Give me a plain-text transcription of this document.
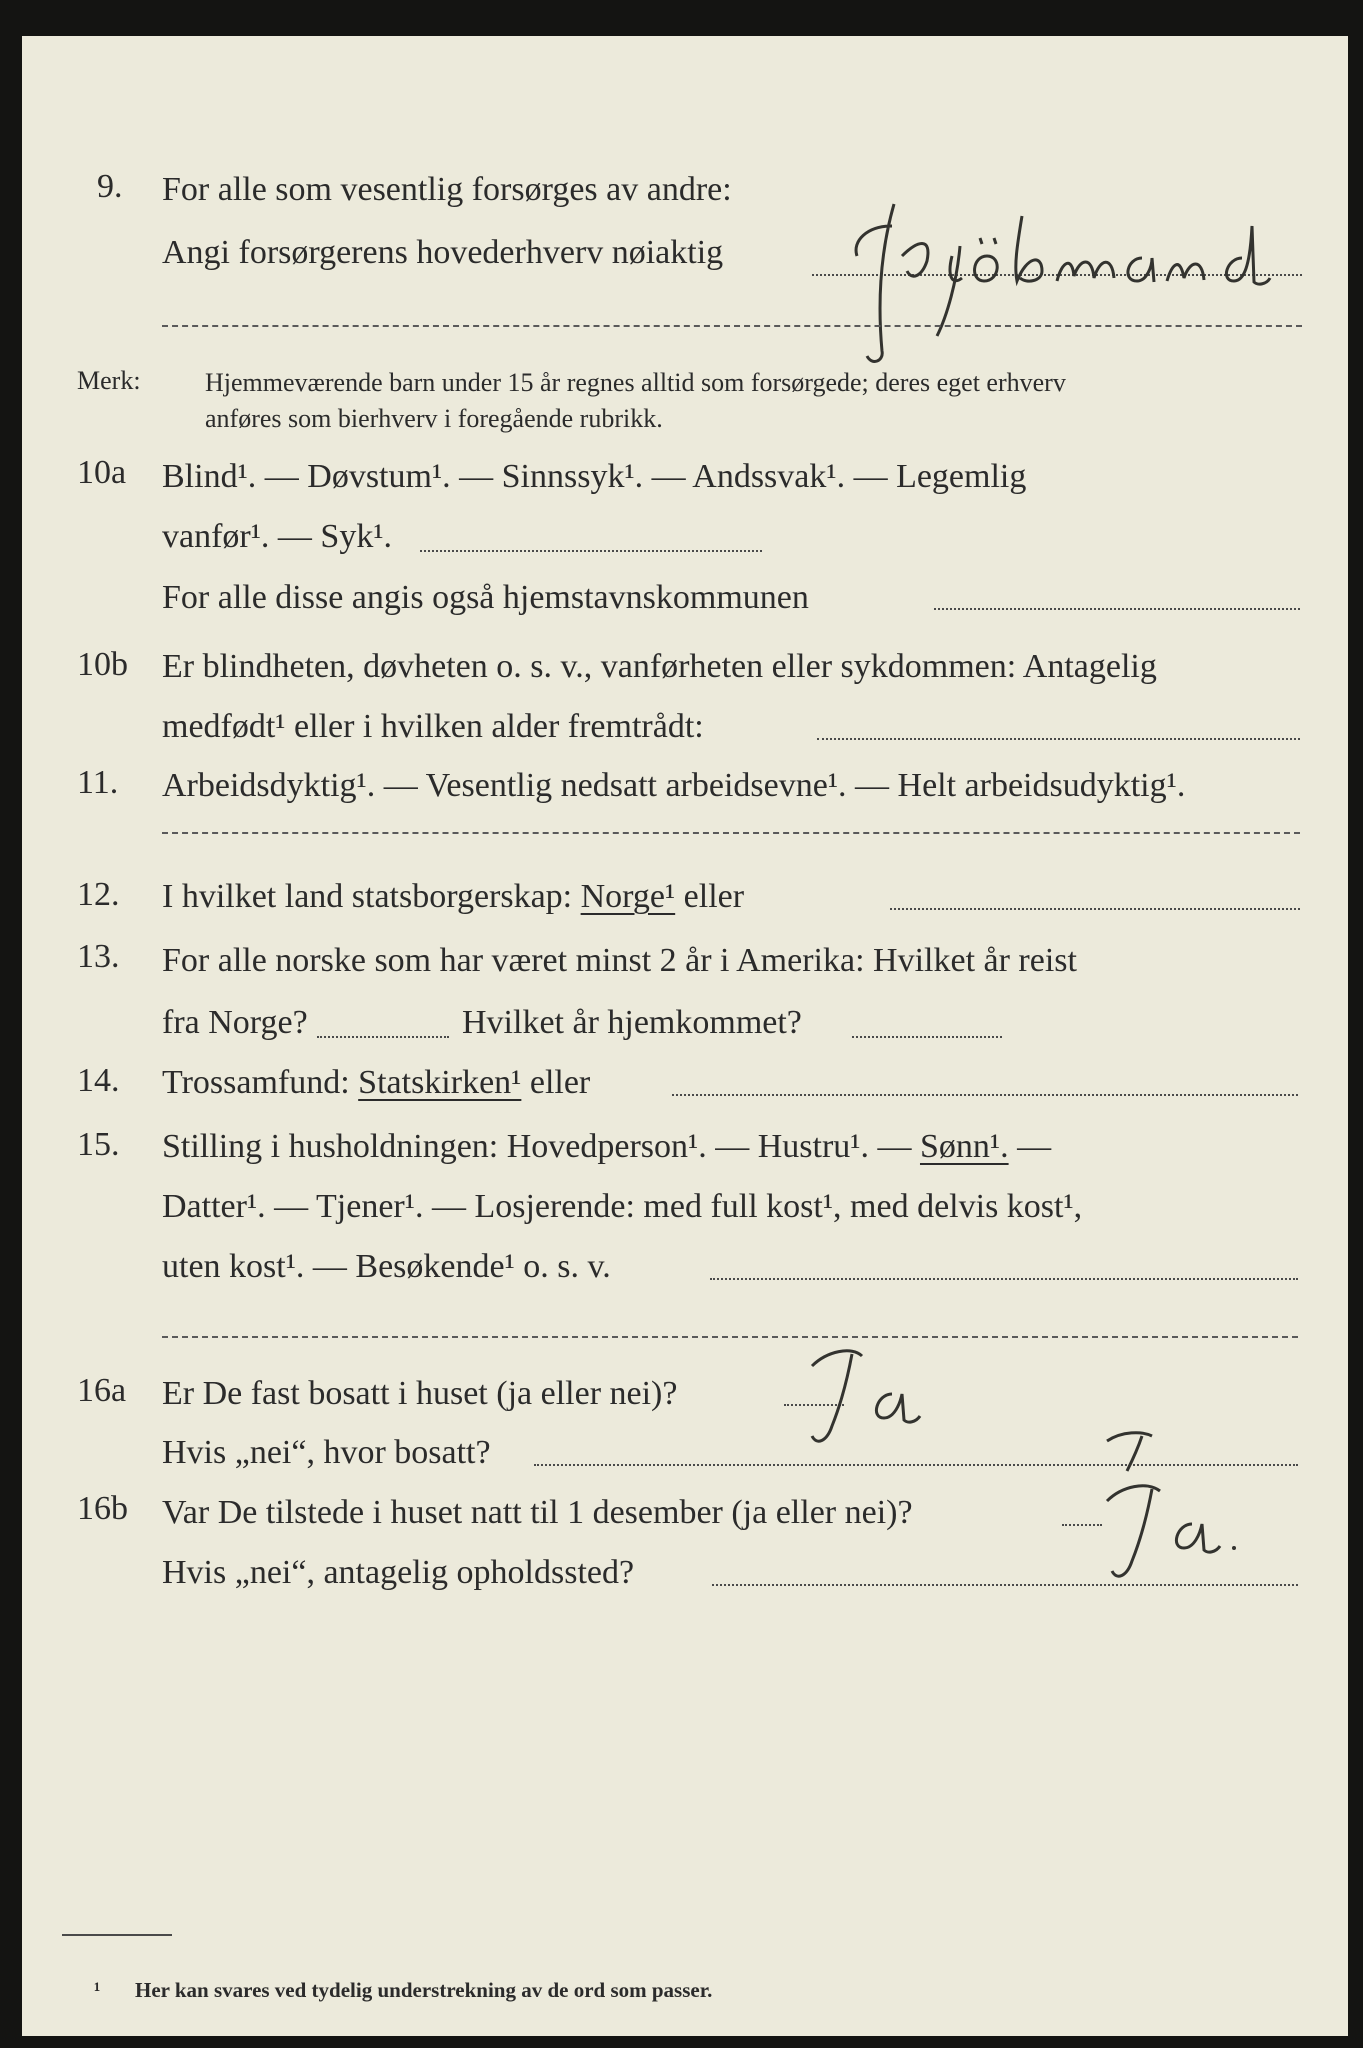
9. For alle som vesentlig forsørges av andre:
Angi forsørgerens hovederhverv nøiaktig
Merk: Hjemmeværende barn under 15 år regnes alltid som forsørgede; deres eget erhverv
anføres som bierhverv i foregående rubrikk.
10a Blind¹. — Døvstum¹. — Sinnssyk¹. — Andssvak¹. — Legemlig
vanfør¹. — Syk¹.
For alle disse angis også hjemstavnskommunen
10b Er blindheten, døvheten o. s. v., vanførheten eller sykdommen: Antagelig
medfødt¹ eller i hvilken alder fremtrådt:
11. Arbeidsdyktig¹. — Vesentlig nedsatt arbeidsevne¹. — Helt arbeidsudyktig¹.
12. I hvilket land statsborgerskap: Norge¹ eller
13. For alle norske som har været minst 2 år i Amerika: Hvilket år reist
fra Norge?	Hvilket år hjemkommet?
14. Trossamfund: Statskirken¹ eller
15. Stilling i husholdningen: Hovedperson¹. — Hustru¹. — Sønn¹. —
Datter¹. — Tjener¹. — Losjerende: med full kost¹, med delvis kost¹,
uten kost¹. — Besøkende¹ o. s. v.
16a Er De fast bosatt i huset (ja eller nei)?
Hvis „nei“, hvor bosatt?
16b Var De tilstede i huset natt til 1 desember (ja eller nei)?
Hvis „nei“, antagelig opholdssted?
¹ Her kan svares ved tydelig understrekning av de ord som passer.
